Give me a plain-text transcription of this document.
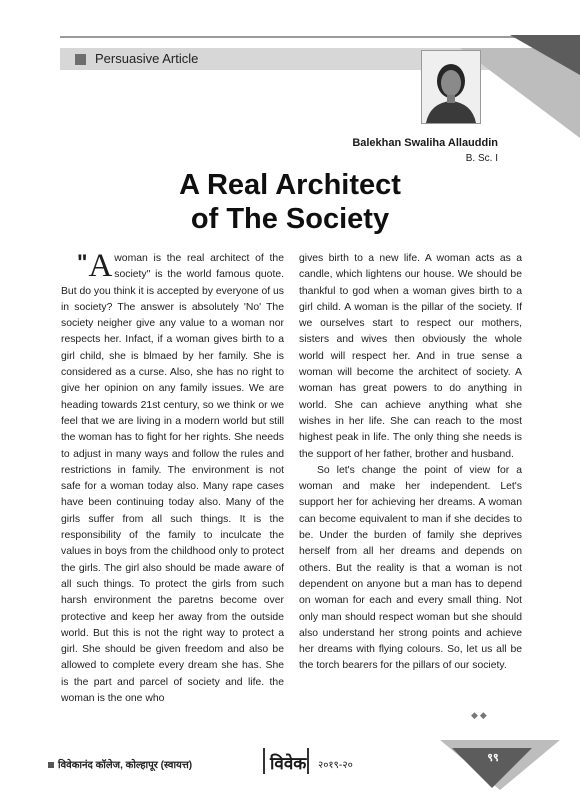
Persuasive Article
Balekhan Swaliha Allauddin
B. Sc. I
A Real Architect
of The Society

" A woman is the real architect of the society" is the world famous quote. But do you think it is accepted by everyone of us in society? The answer is absolutely 'No' The society neigher give any value to a woman nor respects her. Infact, if a woman gives birth to a girl child, she is blmaed by her family. She is considered as a curse. Also, she has no right to give her opinion on any family issues. We are heading towards 21st century, so we think or we feel that we are living in a modern world but still the woman has to fight for her rights. She needs to adjust in many ways and follow the rules and restrictions in family. The environment is not safe for a woman today also. Many rape cases have been continuing today also. Many of the girls suffer from all such things. It is the responsibility of the family to inculcate the values in boys from the childhood only to protect the girls. The girl also should be made aware of all such things. To protect the girls from such harsh environment the paretns become over protective and keep her away from the outside world. But this is not the right way to protect a girl. She should be given freedom and also be allowed to complete every dream she has. She is the part and parcel of society and life. the woman is the one who

gives birth to a new life. A woman acts as a candle, which lightens our house. We should be thankful to god when a woman gives birth to a girl child. A woman is the pillar of the society. If we ourselves start to respect our mothers, sisters and wives then obviously the whole world will respect her. And in true sense a woman will become the architect of society. A woman has great powers to do anything in world. She can achieve anything what she wishes in her life. She can reach to the most highest peak in life. The only thing she needs is the support of her father, brother and husband.

So let's change the point of view for a woman and make her independent. Let's support her for achieving her dreams. A woman can become equivalent to man if she decides to be. Under the burden of family she deprives herself from all her dreams and depends on others. But the reality is that a woman is not dependent on anyone but a man has to depend on woman for each and every small thing. Not only man should respect woman but she should also understand her strong points and achieve her dreams with flying colours. So, let us all be the torch bearers for the pillars of our society.

◆◆
विवेकानंद कॉलेज, कोल्हापूर (स्वायत्त)	विवेक २०१९-२०
९९
